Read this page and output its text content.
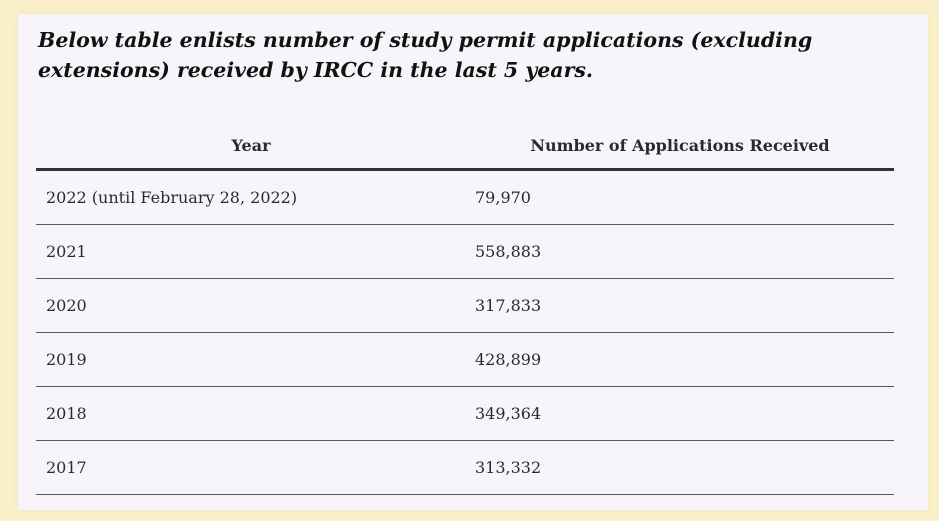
Below table enlists number of study permit applications (excluding extensions) received by IRCC in the last 5 years.

Year	Number of Applications Received
2022 (until February 28, 2022)	79,970
2021	558,883
2020	317,833
2019	428,899
2018	349,364
2017	313,332
